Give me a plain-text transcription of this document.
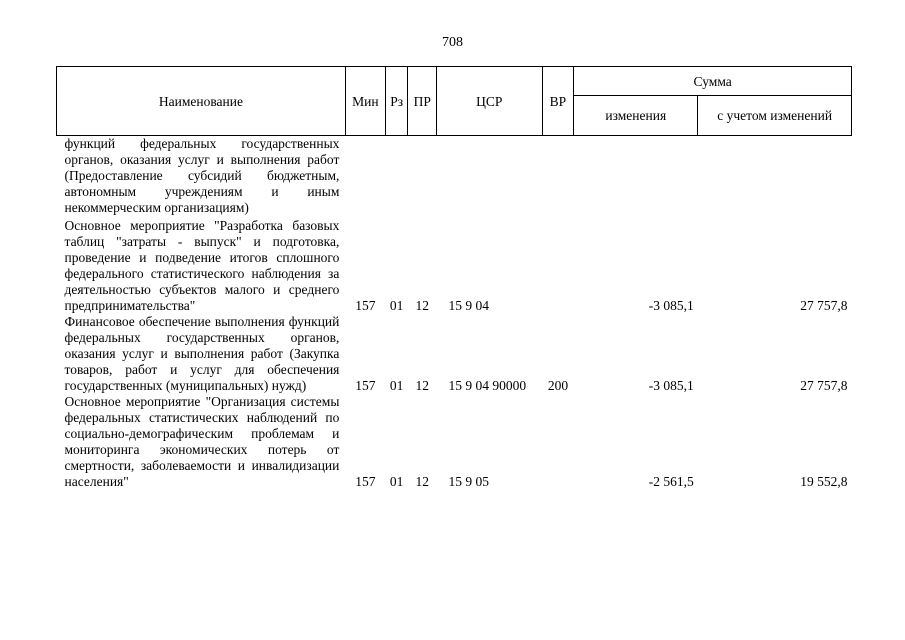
708
Наименование	Мин	Рз	ПР	ЦСР	ВР	Сумма	
						изменения	с учетом изменений
функций федеральных государственных органов, оказания услуг и выполнения работ (Предоставление субсидий бюджетным, автономным учреждениям и иным некоммерческим организациям)							
Основное мероприятие "Разработка базовых таблиц "затраты - выпуск" и подготовка, проведение и подведение итогов сплошного федерального статистического наблюдения за деятельностью субъектов малого и среднего предпринимательства"	157	01	12	15 9 04		-3 085,1	27 757,8
Финансовое обеспечение выполнения функций федеральных государственных органов, оказания услуг и выполнения работ (Закупка товаров, работ и услуг для обеспечения государственных (муниципальных) нужд)	157	01	12	15 9 04 90000	200	-3 085,1	27 757,8
Основное мероприятие "Организация системы федеральных статистических наблюдений по социально-демографическим проблемам и мониторинга экономических потерь от смертности, заболеваемости и инвалидизации населения"	157	01	12	15 9 05		-2 561,5	19 552,8
